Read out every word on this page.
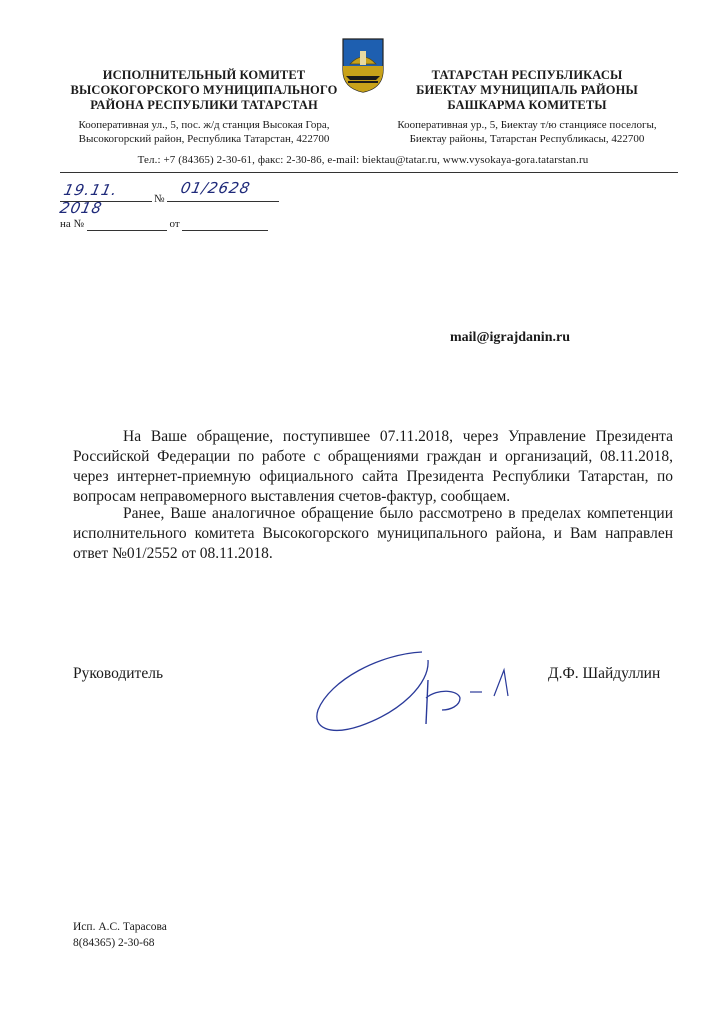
ИСПОЛНИТЕЛЬНЫЙ КОМИТЕТ
ВЫСОКОГОРСКОГО МУНИЦИПАЛЬНОГО
РАЙОНА РЕСПУБЛИКИ ТАТАРСТАН
Кооперативная ул., 5, пос. ж/д станция Высокая Гора,
Высокогорский район, Республика Татарстан, 422700
ТАТАРСТАН РЕСПУБЛИКАСЫ
БИЕКТАУ МУНИЦИПАЛЬ РАЙОНЫ
БАШКАРМА КОМИТЕТЫ
Кооперативная ур., 5, Биектау т/ю станциясе поселогы,
Биектау районы, Татарстан Республикасы, 422700
Тел.: +7 (84365) 2-30-61, факс: 2-30-86, e-mail: biektau@tatar.ru, www.vysokaya-gora.tatarstan.ru
19.11. 2018	№
01/2628
на №	от
mail@igrajdanin.ru
На Ваше обращение, поступившее 07.11.2018, через Управление Президента Российской Федерации по работе с обращениями граждан и организаций, 08.11.2018, через интернет-приемную официального сайта Президента Республики Татарстан, по вопросам неправомерного выставления счетов-фактур, сообщаем.
Ранее, Ваше аналогичное обращение было рассмотрено в пределах компетенции исполнительного комитета Высокогорского муниципального района, и Вам направлен ответ №01/2552 от 08.11.2018.
Руководитель	Д.Ф. Шайдуллин
Исп. А.С. Тарасова
8(84365) 2-30-68
